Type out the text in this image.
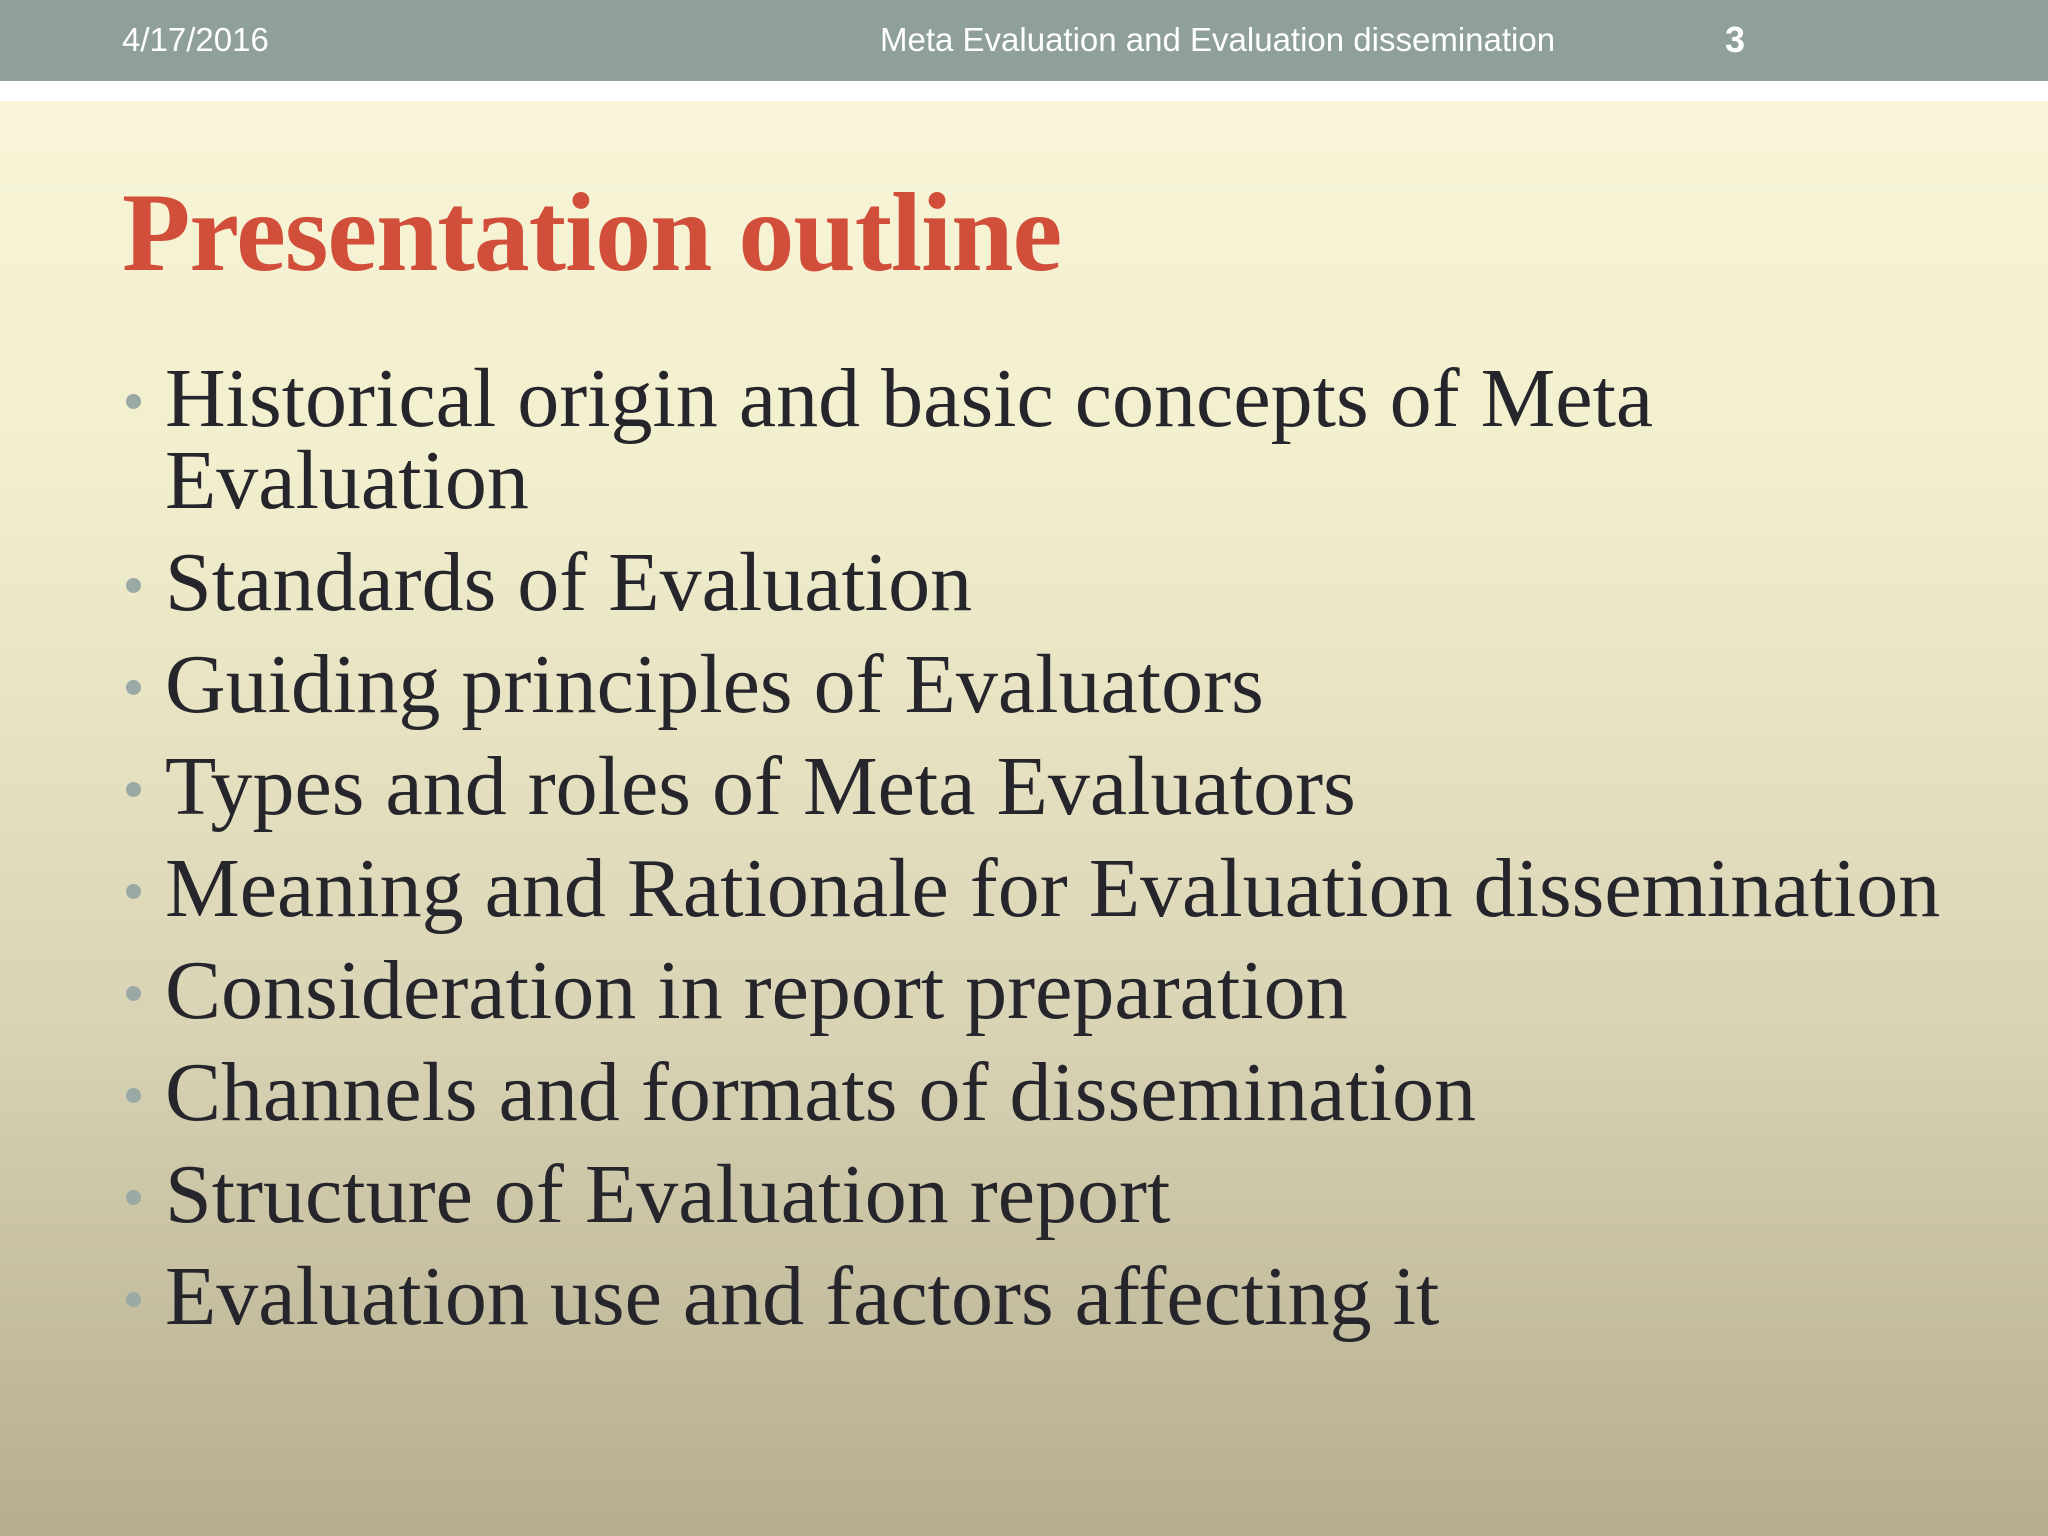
4/17/2016	Meta Evaluation and Evaluation dissemination	3
Presentation outline
Historical origin and basic concepts of Meta Evaluation
Standards of Evaluation
Guiding principles of Evaluators
Types and roles of Meta Evaluators
Meaning and Rationale for Evaluation dissemination
Consideration in report preparation
Channels and formats of dissemination
Structure of Evaluation report
Evaluation use and factors affecting it
